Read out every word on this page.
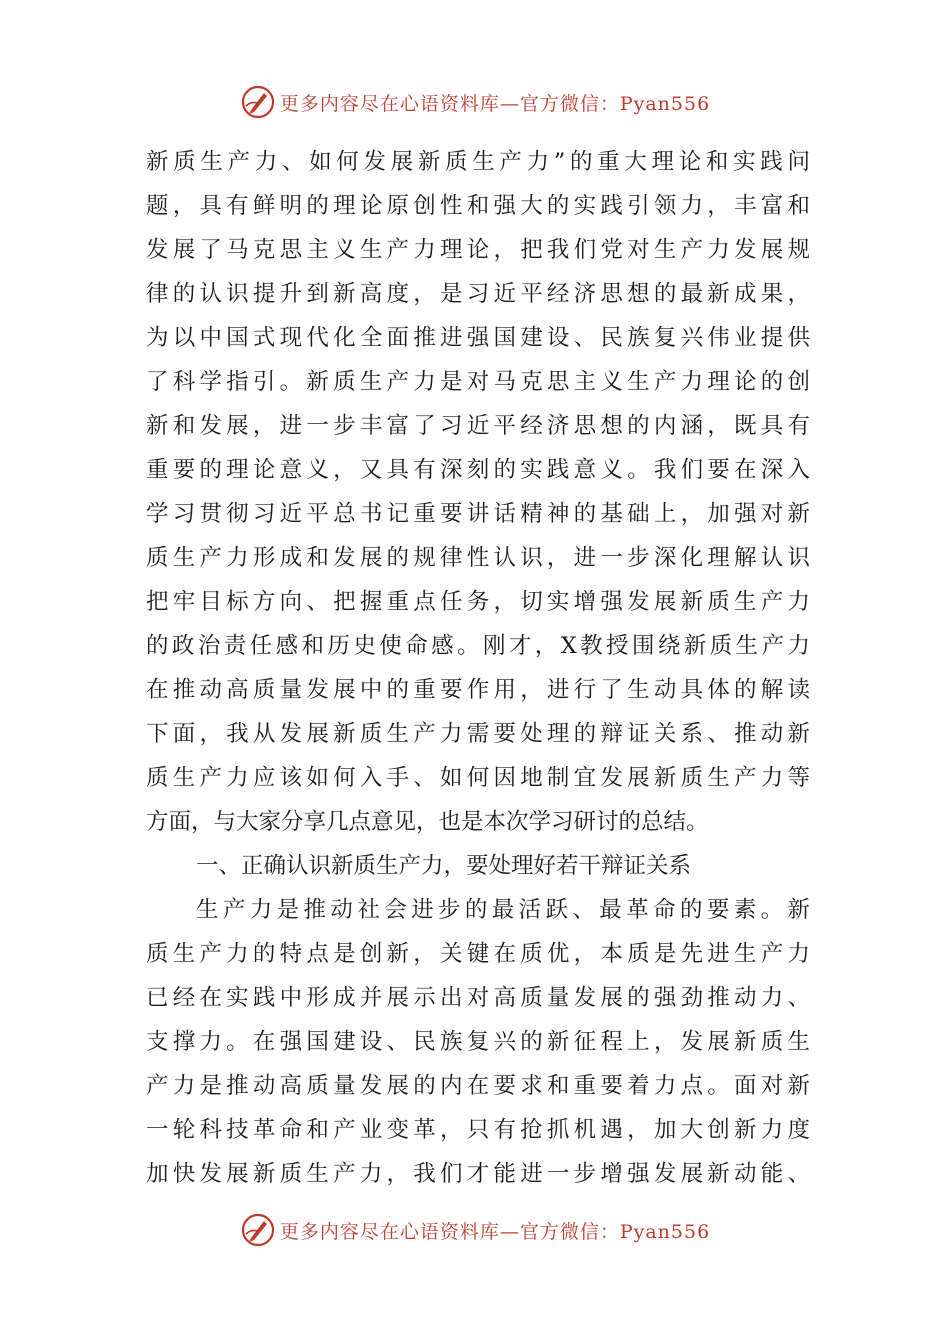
更多内容尽在心语资料库—官方微信：Pyan556
新质生产力、如何发展新质生产力”的重大理论和实践问
题，具有鲜明的理论原创性和强大的实践引领力，丰富和
发展了马克思主义生产力理论，把我们党对生产力发展规
律的认识提升到新高度，是习近平经济思想的最新成果，
为以中国式现代化全面推进强国建设、民族复兴伟业提供
了科学指引。新质生产力是对马克思主义生产力理论的创
新和发展，进一步丰富了习近平经济思想的内涵，既具有
重要的理论意义，又具有深刻的实践意义。我们要在深入
学习贯彻习近平总书记重要讲话精神的基础上，加强对新
质生产力形成和发展的规律性认识，进一步深化理解认识
把牢目标方向、把握重点任务，切实增强发展新质生产力
的政治责任感和历史使命感。刚才，X教授围绕新质生产力
在推动高质量发展中的重要作用，进行了生动具体的解读
下面，我从发展新质生产力需要处理的辩证关系、推动新
质生产力应该如何入手、如何因地制宜发展新质生产力等
方面，与大家分享几点意见，也是本次学习研讨的总结。
一、正确认识新质生产力，要处理好若干辩证关系
生产力是推动社会进步的最活跃、最革命的要素。新
质生产力的特点是创新，关键在质优，本质是先进生产力
已经在实践中形成并展示出对高质量发展的强劲推动力、
支撑力。在强国建设、民族复兴的新征程上，发展新质生
产力是推动高质量发展的内在要求和重要着力点。面对新
一轮科技革命和产业变革，只有抢抓机遇，加大创新力度
加快发展新质生产力，我们才能进一步增强发展新动能、
更多内容尽在心语资料库—官方微信：Pyan556
